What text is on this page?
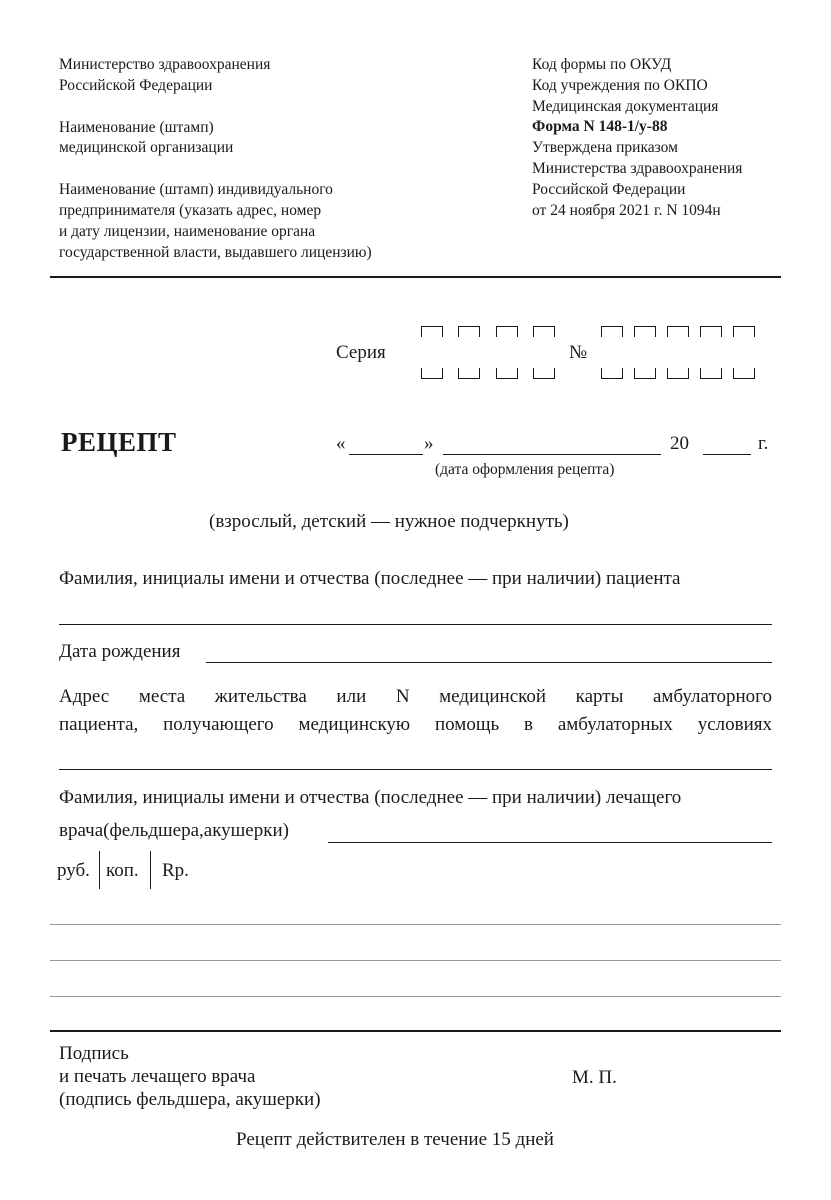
Министерство здравоохранения
Российской Федерации
Наименование (штамп)
медицинской организации
Наименование (штамп) индивидуального
предпринимателя (указать адрес, номер
и дату лицензии, наименование органа
государственной власти, выдавшего лицензию)
Код формы по ОКУД
Код учреждения по ОКПО
Медицинская документация
Форма N 148-1/у-88
Утверждена приказом
Министерства здравоохранения
Российской Федерации
от 24 ноября 2021 г. N 1094н
Серия	№
РЕЦЕПТ	«	»	20	г.
(дата оформления рецепта)
(взрослый, детский — нужное подчеркнуть)
Фамилия, инициалы имени и отчества (последнее — при наличии) пациента
Дата рождения
Адрес места жительства или N медицинской карты амбулаторного
пациента, получающего медицинскую помощь в амбулаторных условиях
Фамилия, инициалы имени и отчества (последнее — при наличии) лечащего
врача(фельдшера,акушерки)
руб. коп. Rp.
Подпись
и печать лечащего врача
(подпись фельдшера, акушерки)
М. П.
Рецепт действителен в течение 15 дней
